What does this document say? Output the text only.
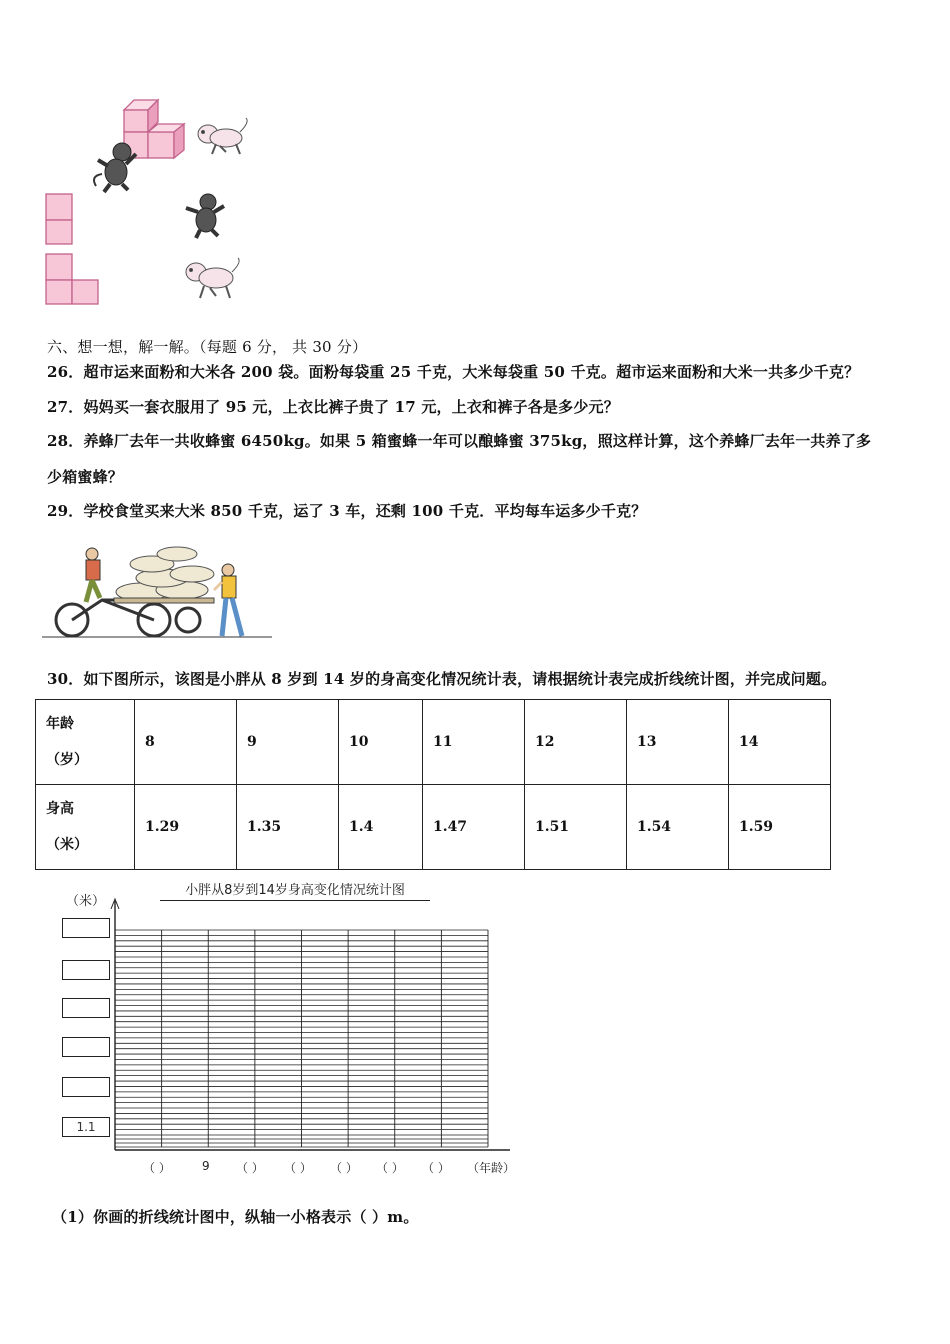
六、想一想，解一解。（每题 6 分， 共 30 分）
26．超市运来面粉和大米各 200 袋。面粉每袋重 25 千克，大米每袋重 50 千克。超市运来面粉和大米一共多少千克？
27．妈妈买一套衣服用了 95 元，上衣比裤子贵了 17 元，上衣和裤子各是多少元？
28．养蜂厂去年一共收蜂蜜 6450kg。如果 5 箱蜜蜂一年可以酿蜂蜜 375kg，照这样计算，这个养蜂厂去年一共养了多
少箱蜜蜂？
29．学校食堂买来大米 850 千克，运了 3 车，还剩 100 千克．平均每车运多少千克？
30．如下图所示，该图是小胖从 8 岁到 14 岁的身高变化情况统计表，请根据统计表完成折线统计图，并完成问题。
年龄
（岁）	8	9	10	11	12	13	14

身高
（米）	1.29	1.35	1.4	1.47	1.51	1.54	1.59
小胖从8岁到14岁身高变化情况统计图
（米）
1.1
（ ）	9 （ ） （ ） （ ） （ ） （ ） （年龄）
（1）你画的折线统计图中，纵轴一小格表示（ ）m。
